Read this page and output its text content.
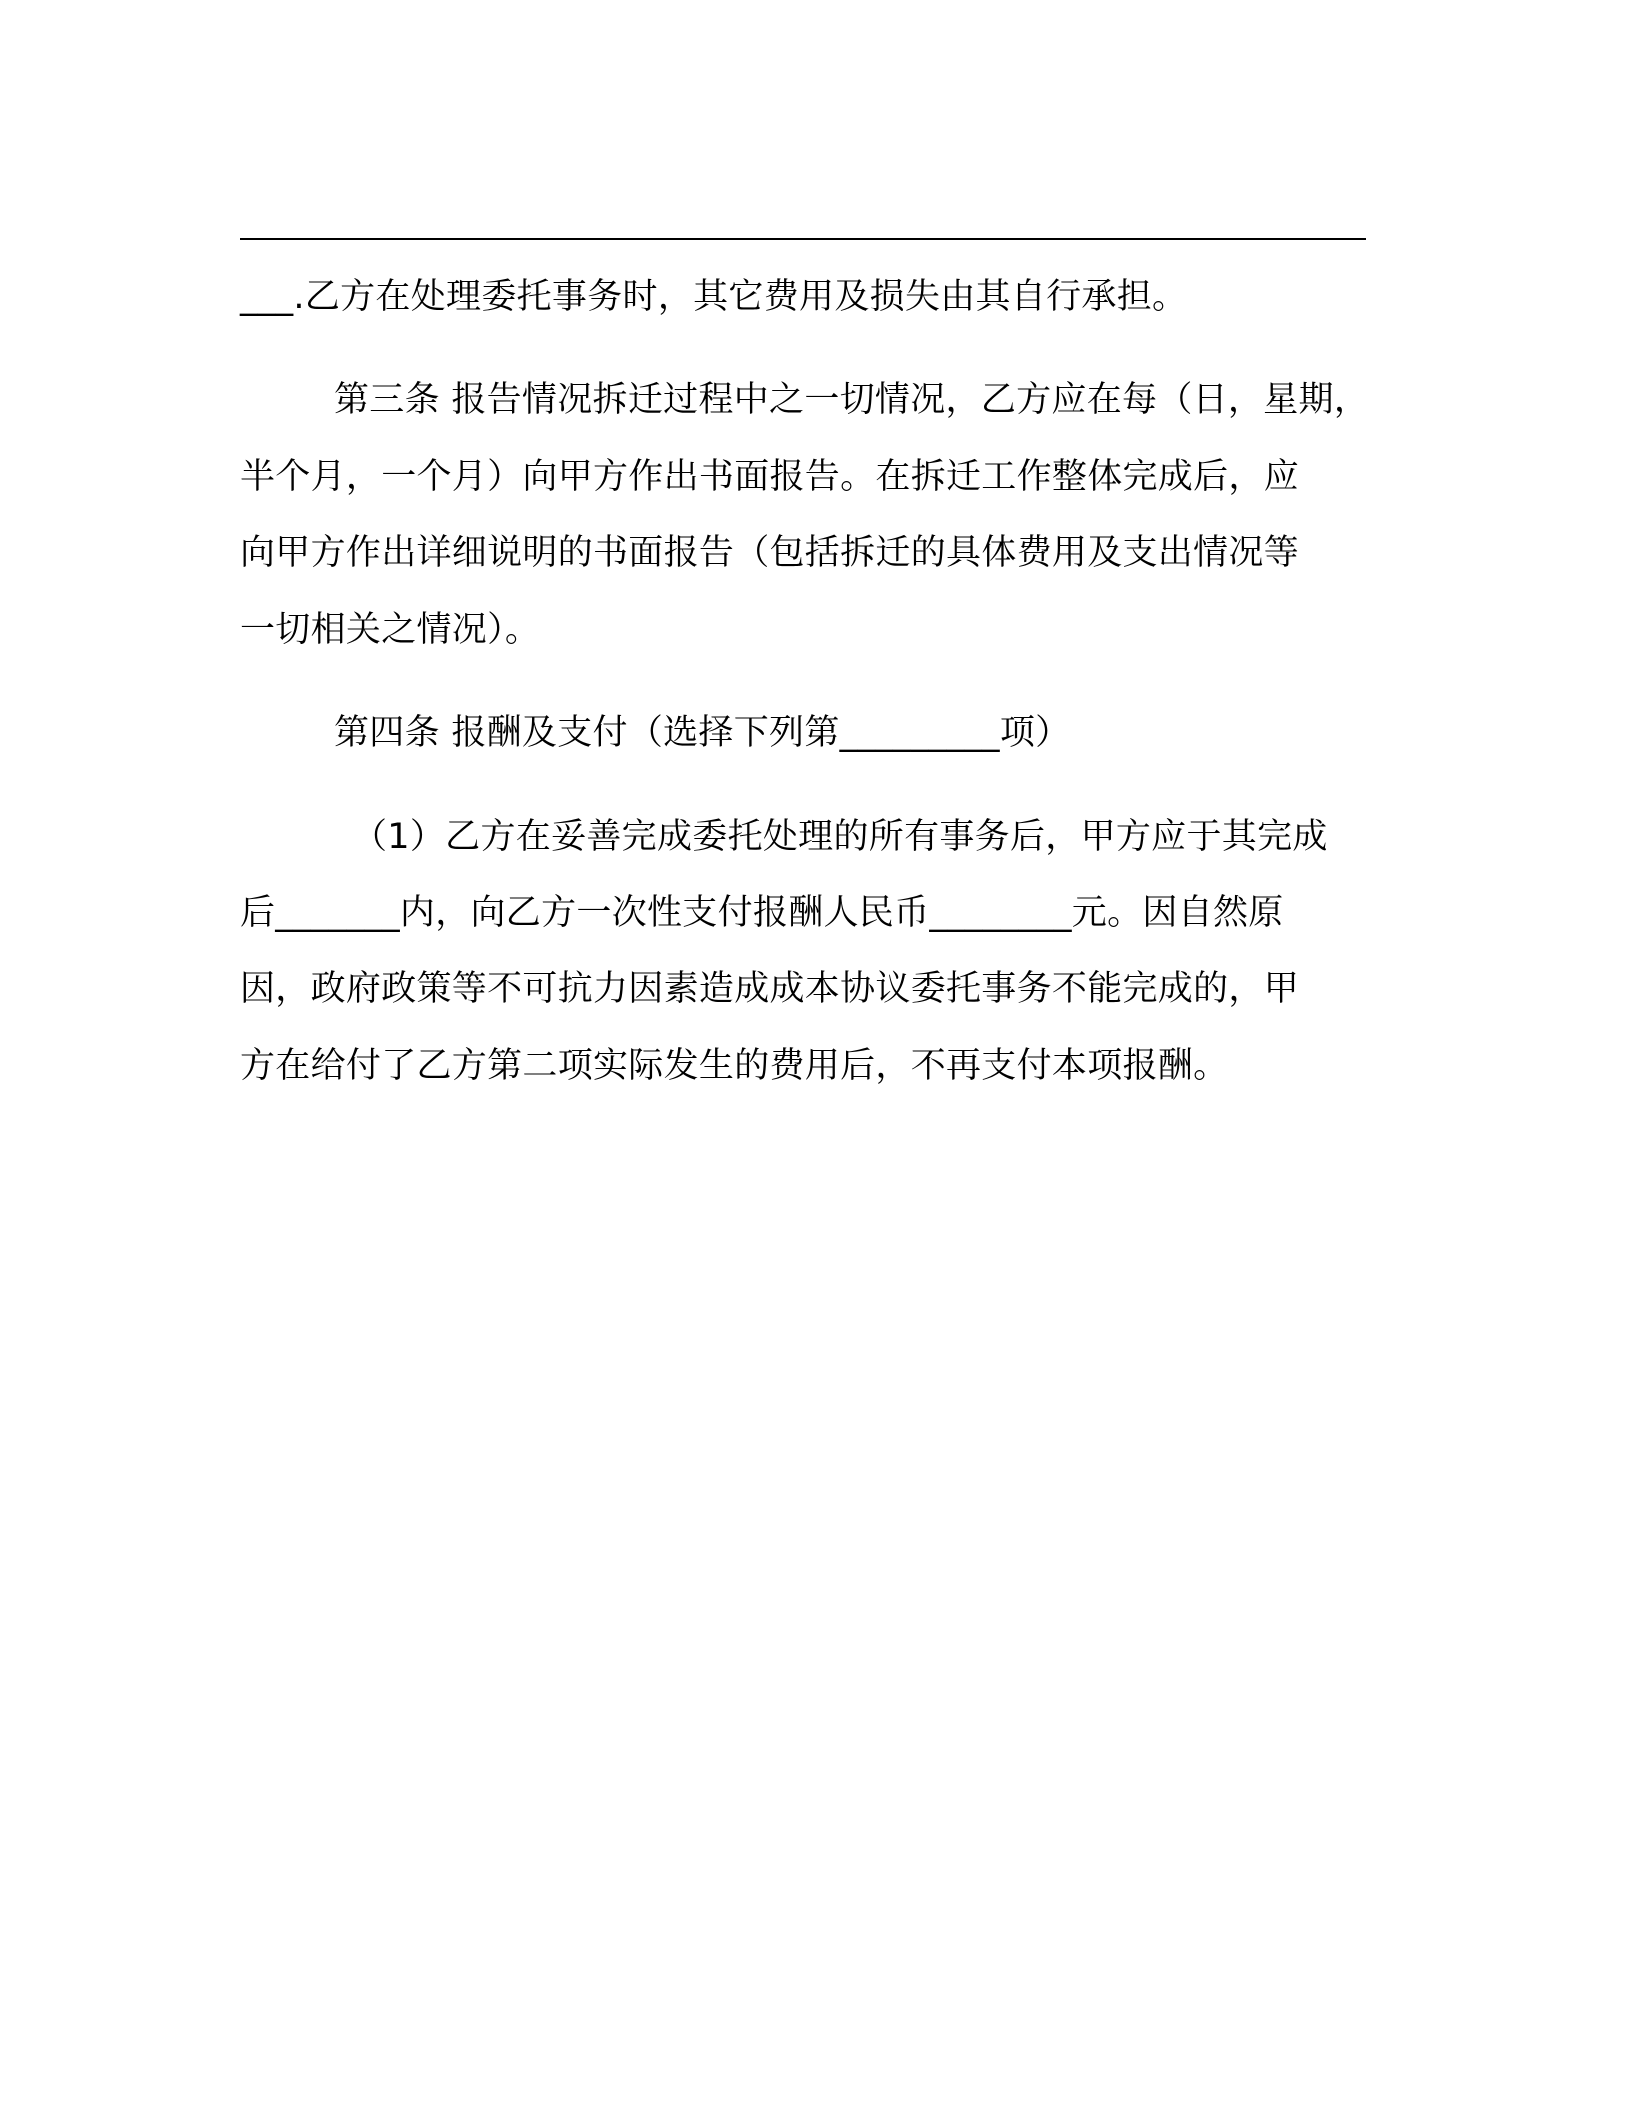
___.乙方在处理委托事务时，其它费用及损失由其自行承担。
第三条 报告情况拆迁过程中之一切情况，乙方应在每（日，星期，
半个月，一个月）向甲方作出书面报告。在拆迁工作整体完成后，应
向甲方作出详细说明的书面报告（包括拆迁的具体费用及支出情况等
一切相关之情况）。
第四条 报酬及支付（选择下列第_________项）
（1）乙方在妥善完成委托处理的所有事务后，甲方应于其完成
后_______内，向乙方一次性支付报酬人民币________元。因自然原
因，政府政策等不可抗力因素造成成本协议委托事务不能完成的，甲
方在给付了乙方第二项实际发生的费用后，不再支付本项报酬。
